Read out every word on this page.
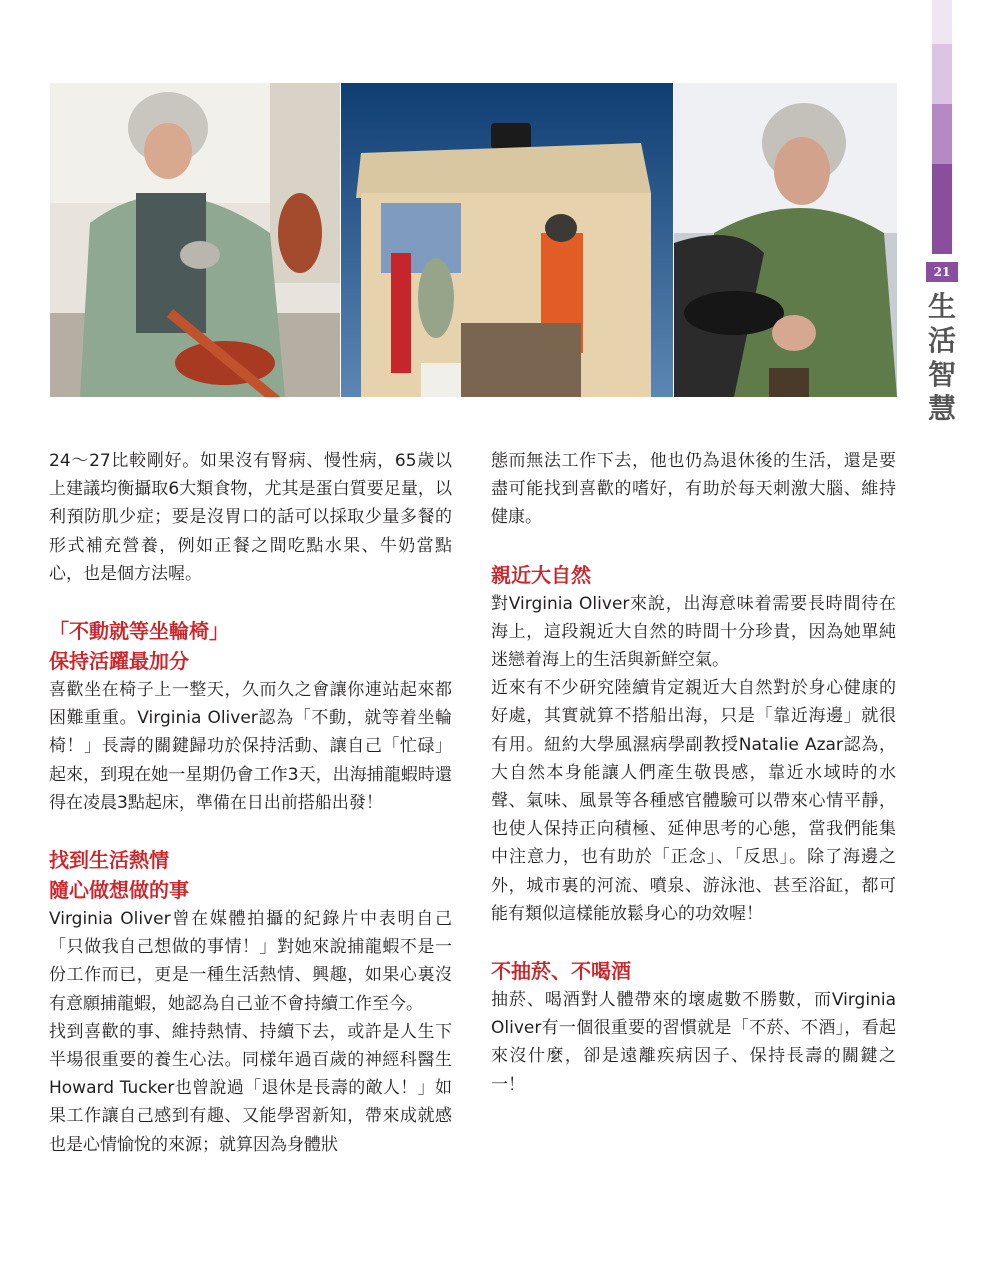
21
生
活
智
慧

24～27比較剛好。如果沒有腎病、慢性病，65歲以上建議均衡攝取6大類食物，尤其是蛋白質要足量，以利預防肌少症；要是沒胃口的話可以採取少量多餐的形式補充營養，例如正餐之間吃點水果、牛奶當點心，也是個方法喔。

「不動就等坐輪椅」

保持活躍最加分

喜歡坐在椅子上一整天，久而久之會讓你連站起來都困難重重。Virginia Oliver認為「不動，就等着坐輪椅！」長壽的關鍵歸功於保持活動、讓自己「忙碌」起來，到現在她一星期仍會工作3天，出海捕龍蝦時還得在凌晨3點起床，準備在日出前搭船出發！

找到生活熱情

隨心做想做的事

Virginia Oliver曾在媒體拍攝的紀錄片中表明自己「只做我自己想做的事情！」對她來說捕龍蝦不是一份工作而已，更是一種生活熱情、興趣，如果心裏沒有意願捕龍蝦，她認為自己並不會持續工作至今。

找到喜歡的事、維持熱情、持續下去，或許是人生下半場很重要的養生心法。同樣年過百歲的神經科醫生Howard Tucker也曾說過「退休是長壽的敵人！」如果工作讓自己感到有趣、又能學習新知，帶來成就感也是心情愉悅的來源；就算因為身體狀

態而無法工作下去，他也仍為退休後的生活，還是要盡可能找到喜歡的嗜好，有助於每天刺激大腦、維持健康。

親近大自然

對Virginia Oliver來說，出海意味着需要長時間待在海上，這段親近大自然的時間十分珍貴，因為她單純迷戀着海上的生活與新鮮空氣。

近來有不少研究陸續肯定親近大自然對於身心健康的好處，其實就算不搭船出海，只是「靠近海邊」就很有用。紐約大學風濕病學副教授Natalie Azar認為，大自然本身能讓人們產生敬畏感，靠近水域時的水聲、氣味、風景等各種感官體驗可以帶來心情平靜，也使人保持正向積極、延伸思考的心態，當我們能集中注意力，也有助於「正念」、「反思」。除了海邊之外，城市裏的河流、噴泉、游泳池、甚至浴缸，都可能有類似這樣能放鬆身心的功效喔！

不抽菸、不喝酒

抽菸、喝酒對人體帶來的壞處數不勝數，而Virginia Oliver有一個很重要的習慣就是「不菸、不酒」，看起來沒什麼，卻是遠離疾病因子、保持長壽的關鍵之一！
